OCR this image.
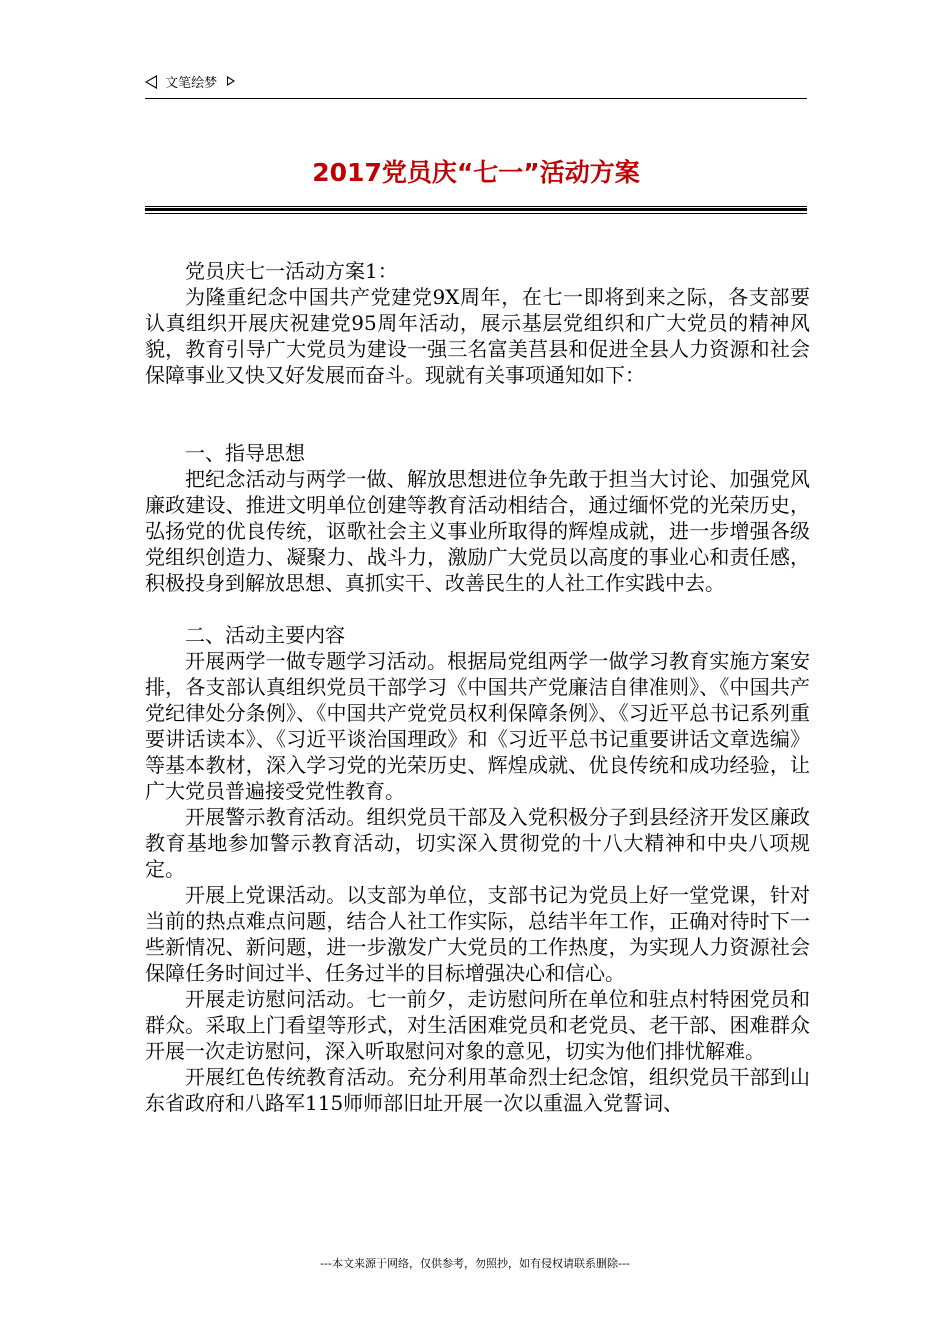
文笔绘梦
2017党员庆“七一”活动方案

党员庆七一活动方案1：

为隆重纪念中国共产党建党9X周年，在七一即将到来之际，各支部要认真组织开展庆祝建党95周年活动，展示基层党组织和广大党员的精神风貌，教育引导广大党员为建设一强三名富美莒县和促进全县人力资源和社会保障事业又快又好发展而奋斗。现就有关事项通知如下：

一、指导思想

把纪念活动与两学一做、解放思想进位争先敢于担当大讨论、加强党风廉政建设、推进文明单位创建等教育活动相结合，通过缅怀党的光荣历史，弘扬党的优良传统，讴歌社会主义事业所取得的辉煌成就，进一步增强各级党组织创造力、凝聚力、战斗力，激励广大党员以高度的事业心和责任感，积极投身到解放思想、真抓实干、改善民生的人社工作实践中去。

二、活动主要内容

开展两学一做专题学习活动。根据局党组两学一做学习教育实施方案安排，各支部认真组织党员干部学习《中国共产党廉洁自律准则》、《中国共产党纪律处分条例》、《中国共产党党员权利保障条例》、《习近平总书记系列重要讲话读本》、《习近平谈治国理政》和《习近平总书记重要讲话文章选编》等基本教材，深入学习党的光荣历史、辉煌成就、优良传统和成功经验，让广大党员普遍接受党性教育。

开展警示教育活动。组织党员干部及入党积极分子到县经济开发区廉政教育基地参加警示教育活动，切实深入贯彻党的十八大精神和中央八项规定。

开展上党课活动。以支部为单位，支部书记为党员上好一堂党课，针对当前的热点难点问题，结合人社工作实际，总结半年工作，正确对待时下一些新情况、新问题，进一步激发广大党员的工作热度，为实现人力资源社会保障任务时间过半、任务过半的目标增强决心和信心。

开展走访慰问活动。七一前夕，走访慰问所在单位和驻点村特困党员和群众。采取上门看望等形式，对生活困难党员和老党员、老干部、困难群众开展一次走访慰问，深入听取慰问对象的意见，切实为他们排忧解难。

开展红色传统教育活动。充分利用革命烈士纪念馆，组织党员干部到山东省政府和八路军115师师部旧址开展一次以重温入党誓词、

---本文来源于网络，仅供参考，勿照抄，如有侵权请联系删除---
